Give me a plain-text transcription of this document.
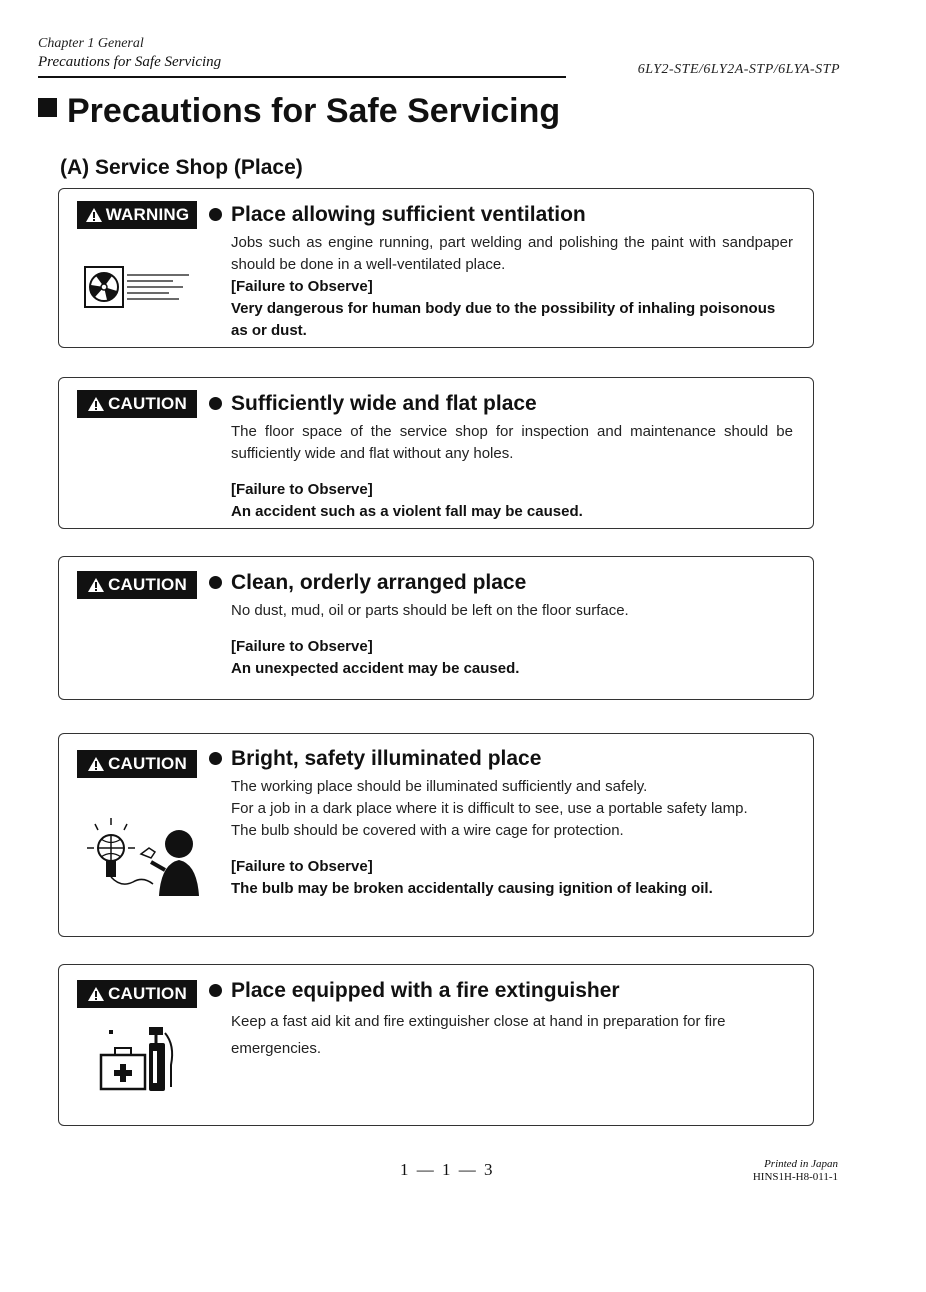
Chapter 1 General
Precautions for Safe Servicing	6LY2-STE/6LY2A-STP/6LYA-STP
Precautions for Safe Servicing
(A) Service Shop (Place)
WARNING	Place allowing sufficient ventilation

Jobs such as engine running, part welding and polishing the paint with sandpaper should be done in a well-ventilated place.

[Failure to Observe]

Very dangerous for human body due to the possibility of inhaling poisonous as or dust.

CAUTION	Sufficiently wide and flat place

The floor space of the service shop for inspection and maintenance should be sufficiently wide and flat without any holes.

[Failure to Observe]

An accident such as a violent fall may be caused.

CAUTION	Clean, orderly arranged place

No dust, mud, oil or parts should be left on the floor surface.

[Failure to Observe]

An unexpected accident may be caused.

CAUTION	Bright, safety illuminated place

The working place should be illuminated sufficiently and safely.

For a job in a dark place where it is difficult to see, use a portable safety lamp.

The bulb should be covered with a wire cage for protection.

[Failure to Observe]

The bulb may be broken accidentally causing ignition of leaking oil.

CAUTION	Place equipped with a fire extinguisher

Keep a fast aid kit and fire extinguisher close at hand in preparation for fire emergencies.

1 — 1 — 3	Printed in Japan
HINS1H-H8-011-1
